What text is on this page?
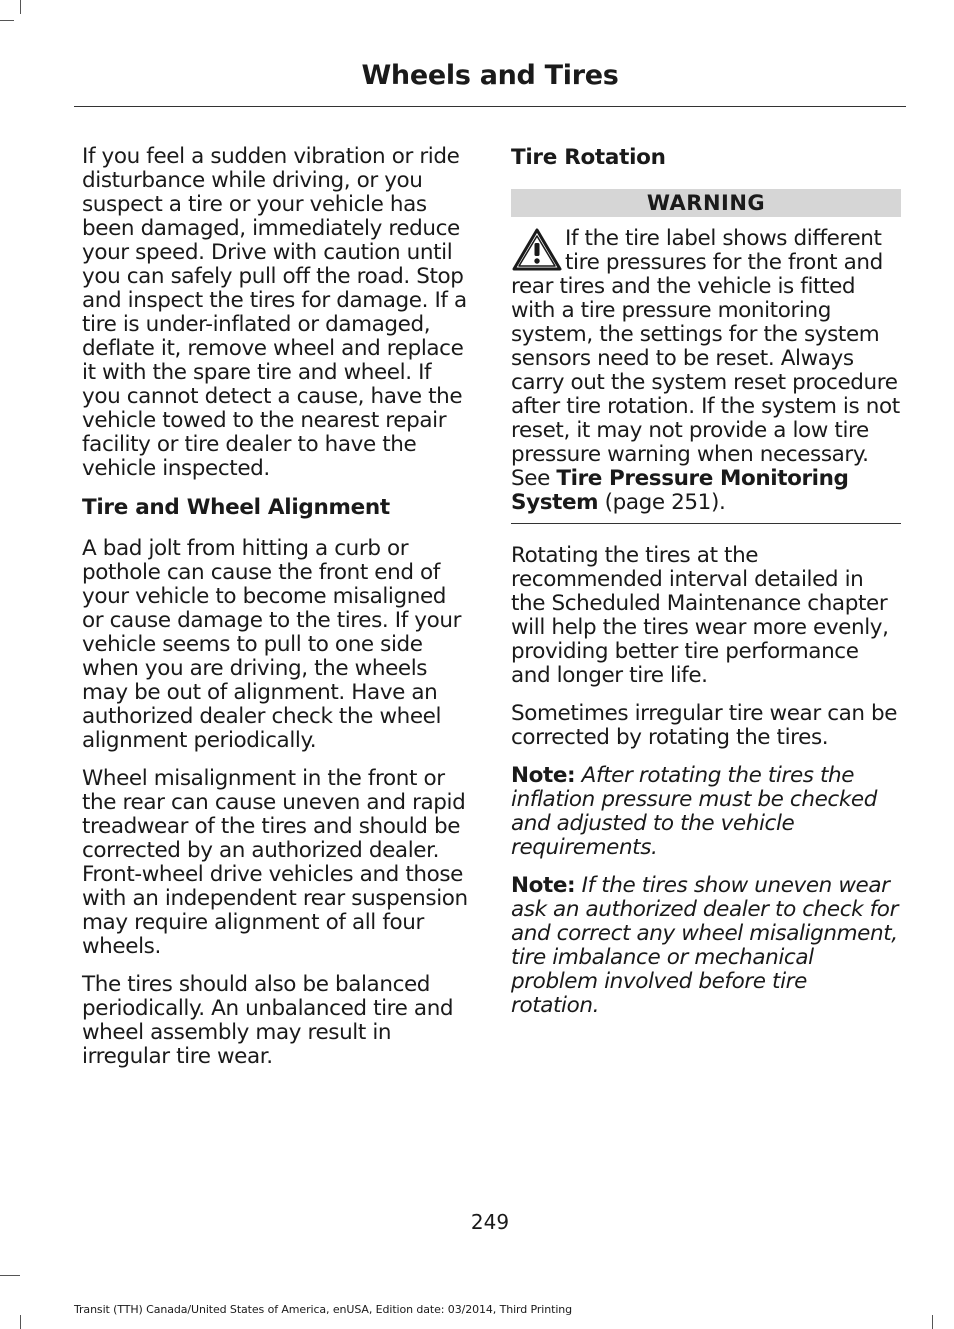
Wheels and Tires

If you feel a sudden vibration or ride disturbance while driving, or you suspect a tire or your vehicle has been damaged, immediately reduce your speed. Drive with caution until you can safely pull off the road. Stop and inspect the tires for damage. If a tire is under-inflated or damaged, deflate it, remove wheel and replace it with the spare tire and wheel. If you cannot detect a cause, have the vehicle towed to the nearest repair facility or tire dealer to have the vehicle inspected.

Tire and Wheel Alignment

A bad jolt from hitting a curb or pothole can cause the front end of your vehicle to become misaligned or cause damage to the tires. If your vehicle seems to pull to one side when you are driving, the wheels may be out of alignment. Have an authorized dealer check the wheel alignment periodically.

Wheel misalignment in the front or the rear can cause uneven and rapid treadwear of the tires and should be corrected by an authorized dealer. Front-wheel drive vehicles and those with an independent rear suspension may require alignment of all four wheels.

The tires should also be balanced periodically. An unbalanced tire and wheel assembly may result in irregular tire wear.

Tire Rotation
WARNING

If the tire label shows different tire pressures for the front and rear tires and the vehicle is fitted with a tire pressure monitoring system, the settings for the system sensors need to be reset. Always carry out the system reset procedure after tire rotation. If the system is not reset, it may not provide a low tire pressure warning when necessary. See Tire Pressure Monitoring System (page 251).

Rotating the tires at the recommended interval detailed in the Scheduled Maintenance chapter will help the tires wear more evenly, providing better tire performance and longer tire life.

Sometimes irregular tire wear can be corrected by rotating the tires.

Note: After rotating the tires the inflation pressure must be checked and adjusted to the vehicle requirements.

Note: If the tires show uneven wear ask an authorized dealer to check for and correct any wheel misalignment, tire imbalance or mechanical problem involved before tire rotation.

249
Transit (TTH) Canada/United States of America, enUSA, Edition date: 03/2014, Third Printing
